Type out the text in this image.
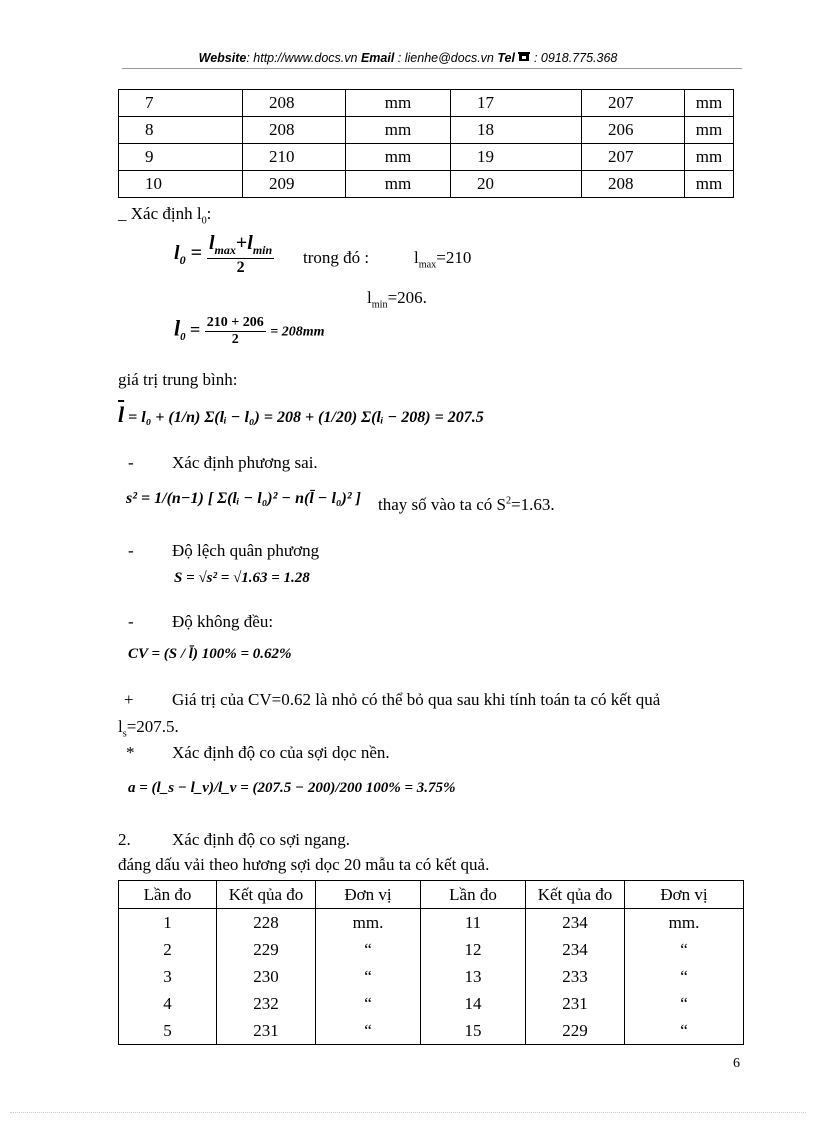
Website: http://www.docs.vn Email : lienhe@docs.vn Tel : 0918.775.368
7	208	mm	17	207	mm
8	208	mm	18	206	mm
9	210	mm	19	207	mm
10	209	mm	20	208	mm
_ Xác định $l_0$:
$l_0 = \frac{l_{max}+l_{min}}{2}$ trong đó :	$l_{max}=210$
$l_{min}=206$.
$l_0 = \frac{210 + 206}{2} = 208mm$
giá trị trung bình:
$\overline{l} = l_0 + (1/n)$ Σ(lᵢ − l₀) = 208 + (1/20) Σ(lᵢ − 208) = 207.5
- Xác định phương sai.
s² = 1/(n−1) [ Σ(lᵢ − l₀)² − n(l̄ − l₀)² ] thay số vào ta có $S^2=1.63$.
- Độ lệch quân phương
S = √s² = √1.63 = 1.28
- Độ không đều:
CV = (S / l̄) 100% = 0.62%
+ Giá trị của CV=0.62 là nhỏ có thể bỏ qua sau khi tính toán ta có kết quả
$l_s=207.5$.
* Xác định độ co của sợi dọc nền.
a = (l_s − l_v)/l_v = (207.5 − 200)/200 100% = 3.75%
2. Xác định độ co sợi ngang.
đáng dấu vải theo hương sợi dọc 20 mẫu ta có kết quả.
Lần đo	Kết qủa đo	Đơn vị	Lần đo	Kết qủa đo	Đơn vị
1	228	mm.	11	234	mm.
2	229	“	12	234	“
3	230	“	13	233	“
4	232	“	14	231	“
5	231	“	15	229	“
6
